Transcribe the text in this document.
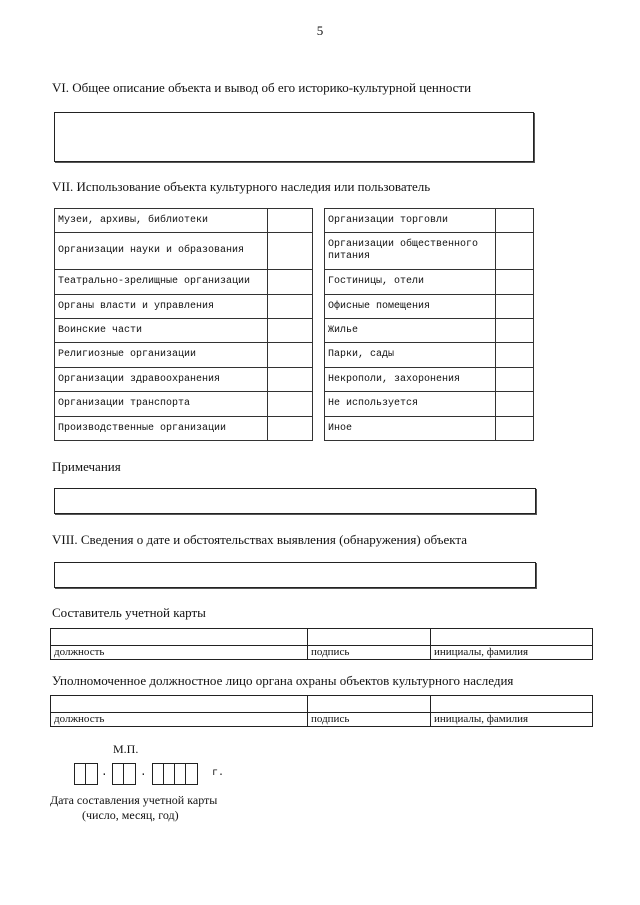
5
VI. Общее описание объекта и вывод об его историко-культурной ценности
VII. Использование объекта культурного наследия или пользователь
Музеи, архивы, библиотеки	
Организации науки и образования	
Театрально-зрелищные организации	
Органы власти и управления	
Воинские части	
Религиозные организации	
Организации здравоохранения	
Организации транспорта	
Производственные организации	
Организации торговли	
Организации общественного питания	
Гостиницы, отели	
Офисные помещения	
Жилье	
Парки, сады	
Некрополи, захоронения	
Не используется	
Иное	
Примечания
VIII. Сведения о дате и обстоятельствах выявления (обнаружения) объекта
Составитель учетной карты

должность	подпись	инициалы, фамилия
Уполномоченное должностное лицо органа охраны объектов культурного наследия

должность	подпись	инициалы, фамилия
М.П.
.	.	г.
Дата составления учетной карты
(число, месяц, год)
